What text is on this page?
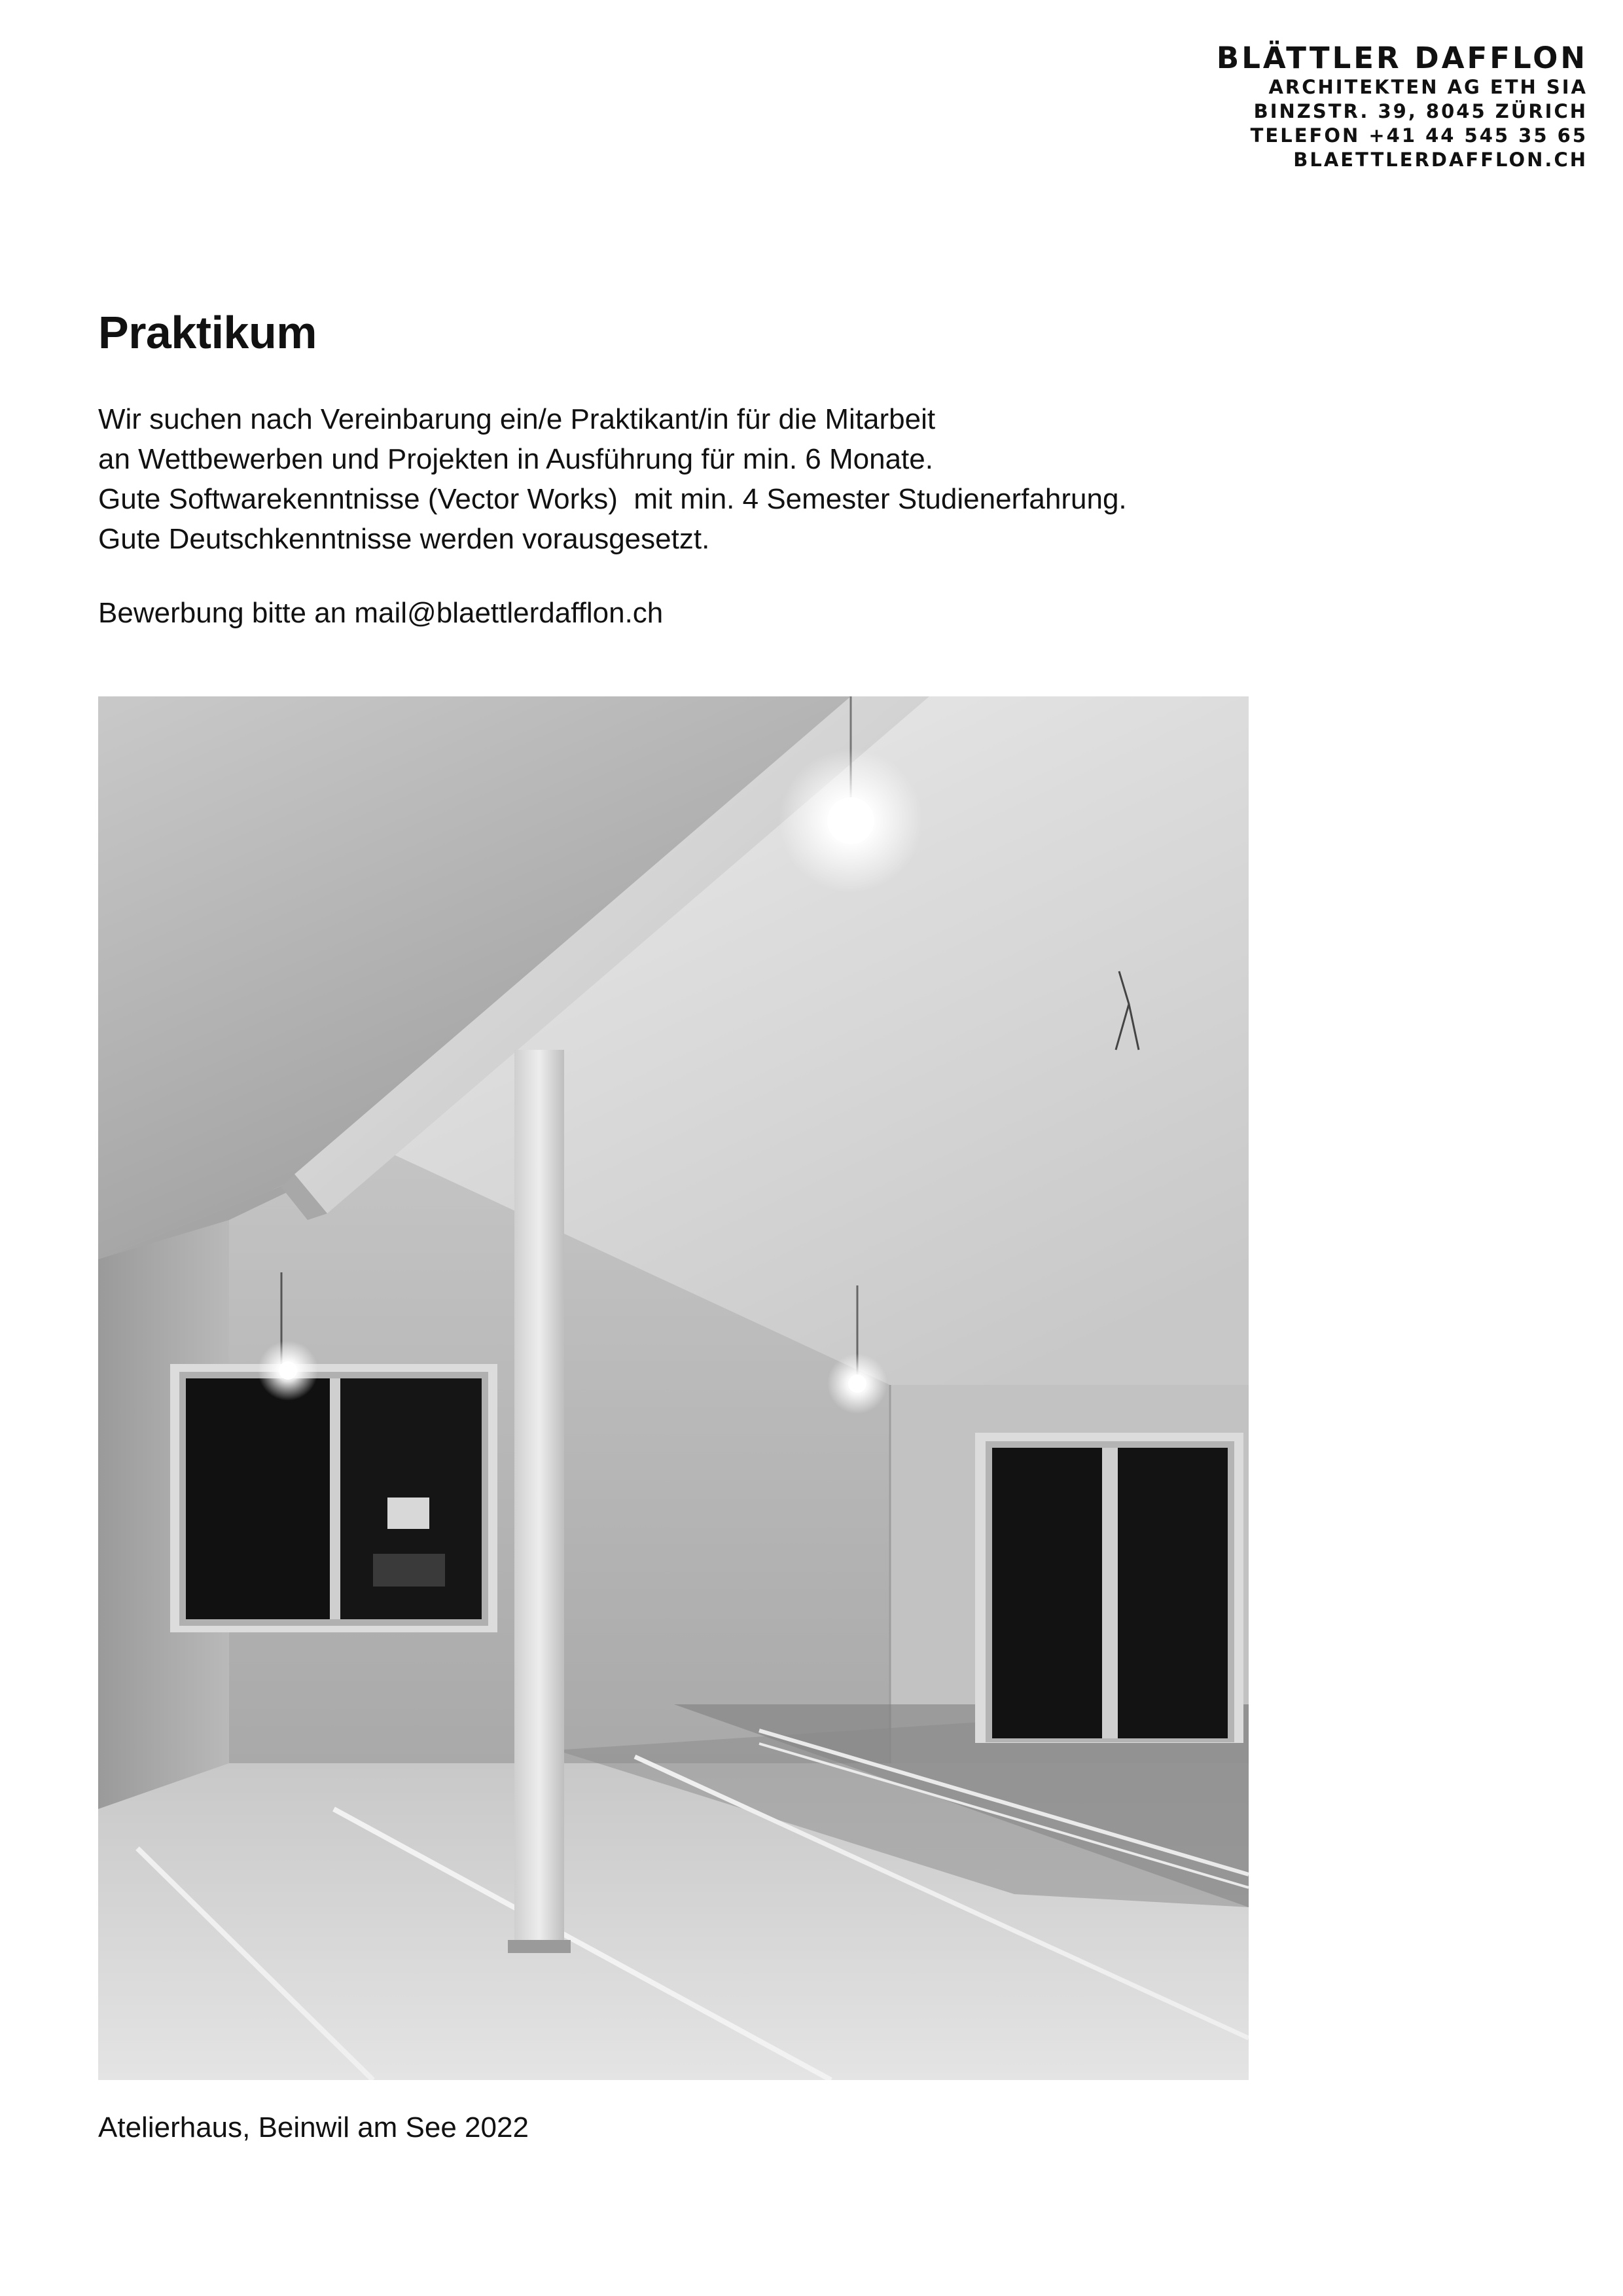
BLÄTTLER DAFFLON
ARCHITEKTEN AG ETH SIA
BINZSTR. 39, 8045 ZÜRICH
TELEFON +41 44 545 35 65
BLAETTLERDAFFLON.CH
Praktikum

Wir suchen nach Vereinbarung ein/e Praktikant/in für die Mitarbeit
an Wettbewerben und Projekten in Ausführung für min. 6 Monate.
Gute Softwarekenntnisse (Vector Works)  mit min. 4 Semester Studienerfahrung.
Gute Deutschkenntnisse werden vorausgesetzt.

Bewerbung bitte an mail@blaettlerdafflon.ch

Atelierhaus, Beinwil am See 2022
